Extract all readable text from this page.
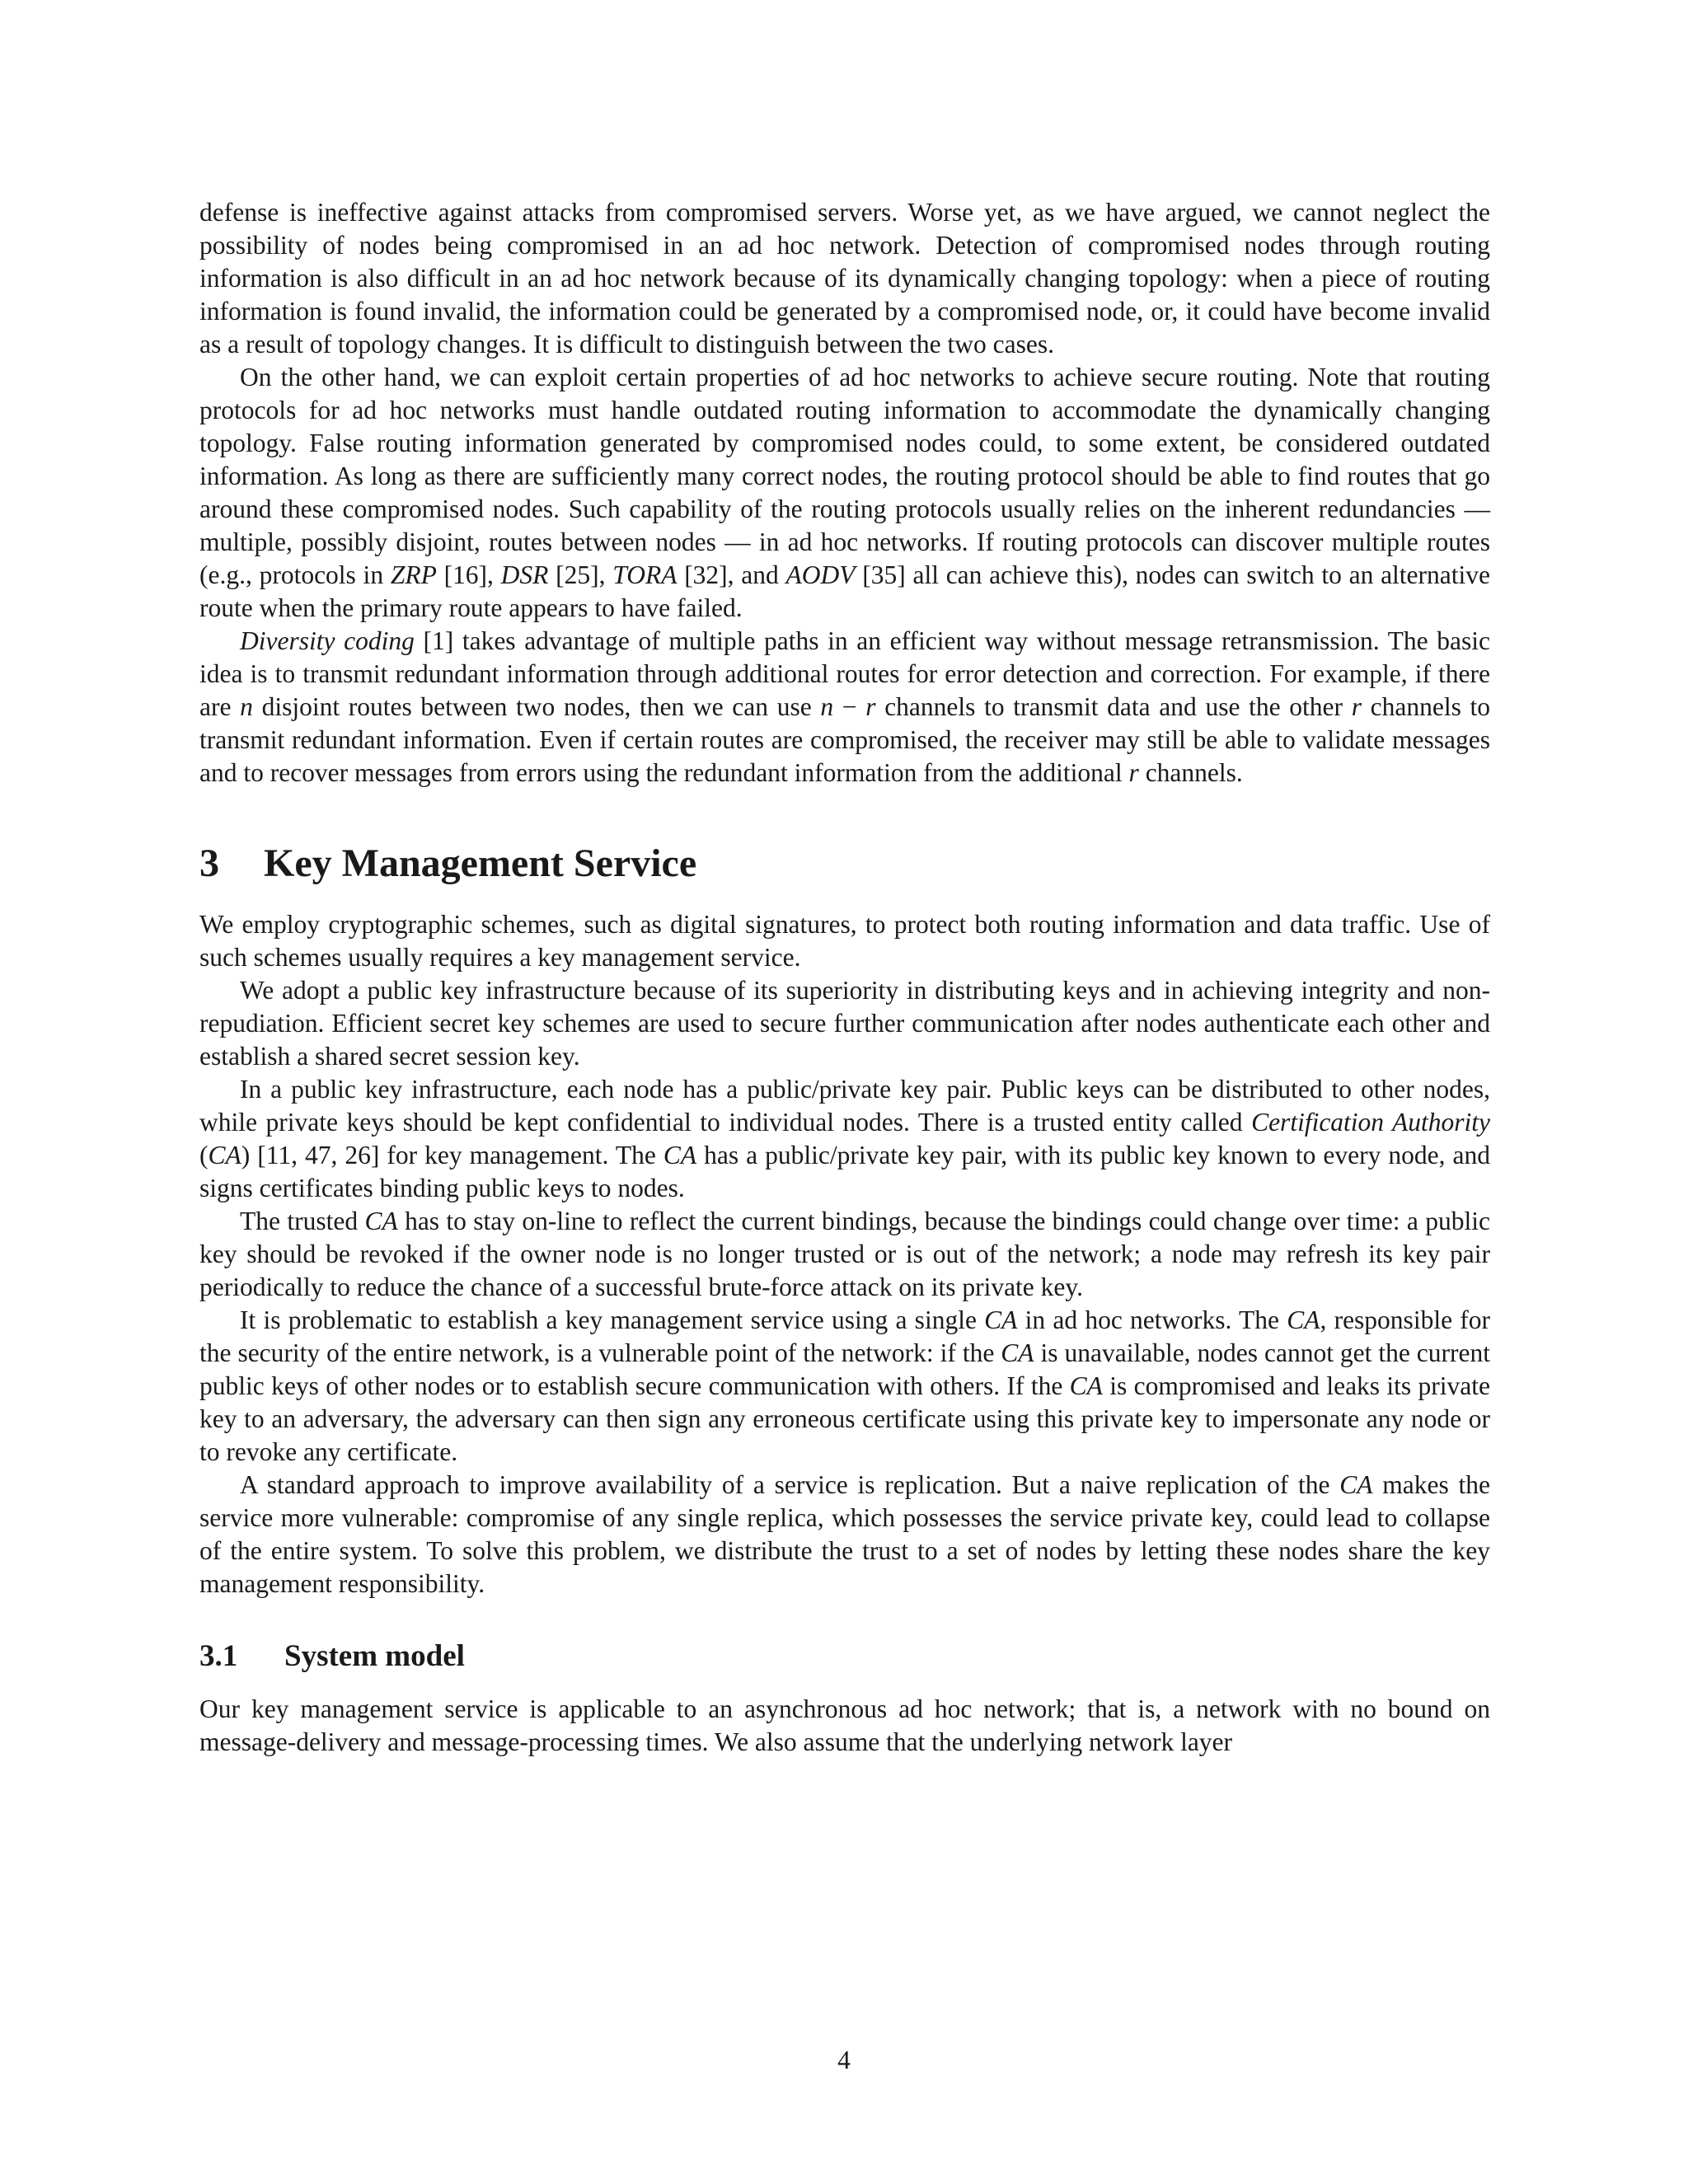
defense is ineffective against attacks from compromised servers. Worse yet, as we have argued, we cannot neglect the possibility of nodes being compromised in an ad hoc network. Detection of compromised nodes through routing information is also difficult in an ad hoc network because of its dynamically changing topology: when a piece of routing information is found invalid, the information could be generated by a compromised node, or, it could have become invalid as a result of topology changes. It is difficult to distinguish between the two cases.

On the other hand, we can exploit certain properties of ad hoc networks to achieve secure routing. Note that routing protocols for ad hoc networks must handle outdated routing information to accommodate the dynamically changing topology. False routing information generated by compromised nodes could, to some extent, be considered outdated information. As long as there are sufficiently many correct nodes, the routing protocol should be able to find routes that go around these compromised nodes. Such capability of the routing protocols usually relies on the inherent redundancies — multiple, possibly disjoint, routes between nodes — in ad hoc networks. If routing protocols can discover multiple routes (e.g., protocols in ZRP [16], DSR [25], TORA [32], and AODV [35] all can achieve this), nodes can switch to an alternative route when the primary route appears to have failed.

Diversity coding [1] takes advantage of multiple paths in an efficient way without message retransmission. The basic idea is to transmit redundant information through additional routes for error detection and correction. For example, if there are n disjoint routes between two nodes, then we can use n − r channels to transmit data and use the other r channels to transmit redundant information. Even if certain routes are compromised, the receiver may still be able to validate messages and to recover messages from errors using the redundant information from the additional r channels.

3 Key Management Service

We employ cryptographic schemes, such as digital signatures, to protect both routing information and data traffic. Use of such schemes usually requires a key management service.

We adopt a public key infrastructure because of its superiority in distributing keys and in achieving integrity and non-repudiation. Efficient secret key schemes are used to secure further communication after nodes authenticate each other and establish a shared secret session key.

In a public key infrastructure, each node has a public/private key pair. Public keys can be distributed to other nodes, while private keys should be kept confidential to individual nodes. There is a trusted entity called Certification Authority (CA) [11, 47, 26] for key management. The CA has a public/private key pair, with its public key known to every node, and signs certificates binding public keys to nodes.

The trusted CA has to stay on-line to reflect the current bindings, because the bindings could change over time: a public key should be revoked if the owner node is no longer trusted or is out of the network; a node may refresh its key pair periodically to reduce the chance of a successful brute-force attack on its private key.

It is problematic to establish a key management service using a single CA in ad hoc networks. The CA, responsible for the security of the entire network, is a vulnerable point of the network: if the CA is unavailable, nodes cannot get the current public keys of other nodes or to establish secure communication with others. If the CA is compromised and leaks its private key to an adversary, the adversary can then sign any erroneous certificate using this private key to impersonate any node or to revoke any certificate.

A standard approach to improve availability of a service is replication. But a naive replication of the CA makes the service more vulnerable: compromise of any single replica, which possesses the service private key, could lead to collapse of the entire system. To solve this problem, we distribute the trust to a set of nodes by letting these nodes share the key management responsibility.

3.1 System model

Our key management service is applicable to an asynchronous ad hoc network; that is, a network with no bound on message-delivery and message-processing times. We also assume that the underlying network layer

4
